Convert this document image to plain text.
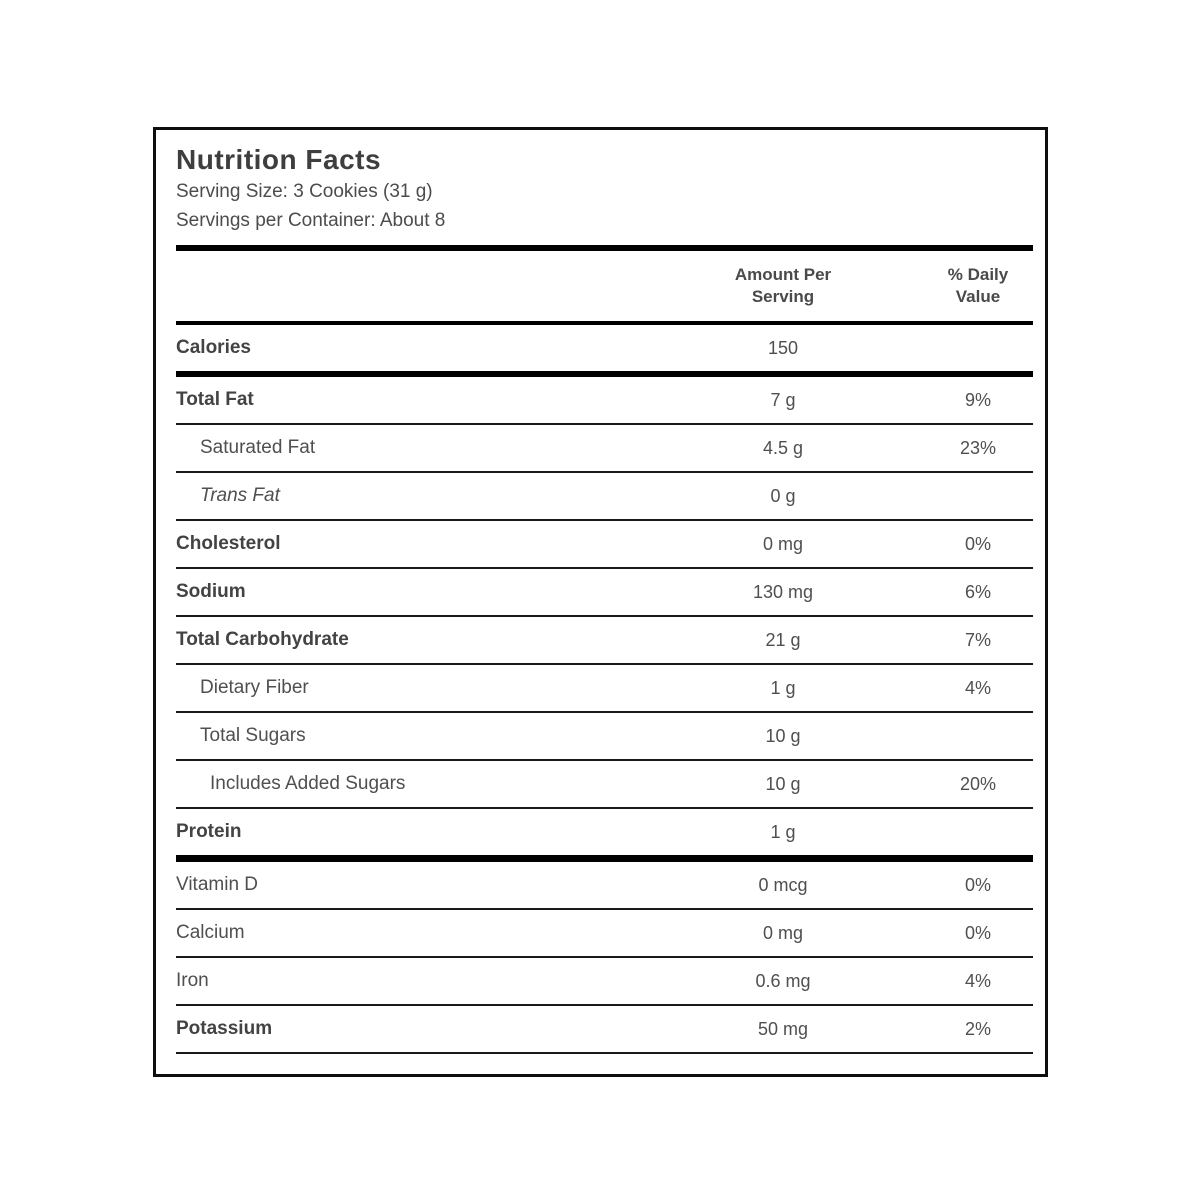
Nutrition Facts
Serving Size: 3 Cookies (31 g)
Servings per Container: About 8
Amount Per
Serving
% Daily
Value
Calories	150
Total Fat	7 g	9%
Saturated Fat	4.5 g	23%
Trans Fat	0 g
Cholesterol	0 mg	0%
Sodium	130 mg	6%
Total Carbohydrate	21 g	7%
Dietary Fiber	1 g	4%
Total Sugars	10 g
Includes Added Sugars	10 g	20%
Protein	1 g
Vitamin D	0 mcg	0%
Calcium	0 mg	0%
Iron	0.6 mg	4%
Potassium	50 mg	2%
